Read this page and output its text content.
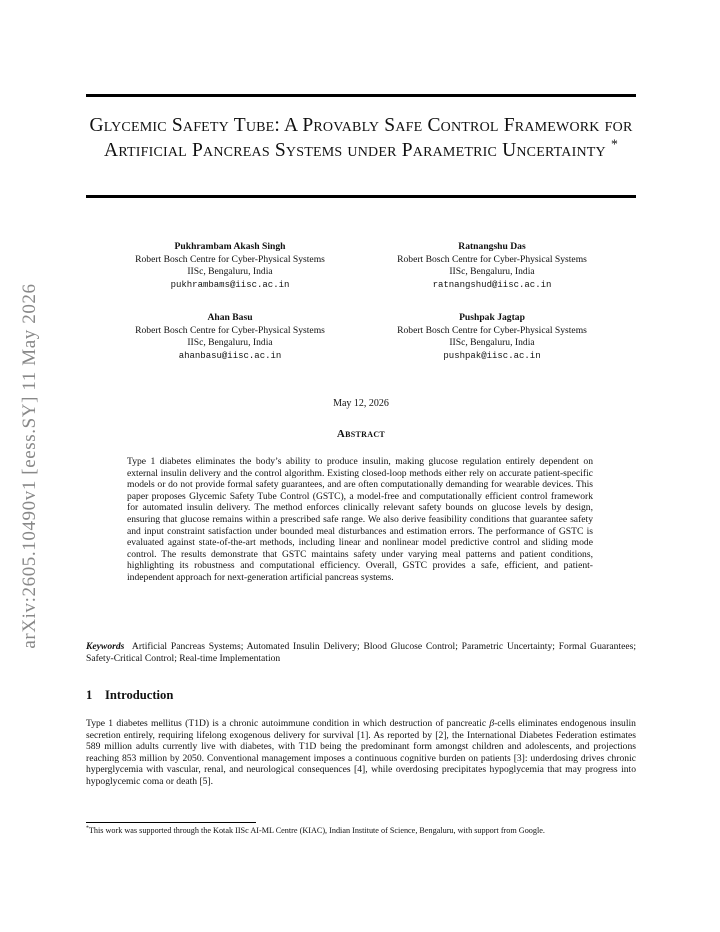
arXiv:2605.10490v1 [eess.SY] 11 May 2026
Glycemic Safety Tube: A Provably Safe Control Framework for Artificial Pancreas Systems under Parametric Uncertainty *
Pukhrambam Akash Singh
Robert Bosch Centre for Cyber-Physical Systems
IISc, Bengaluru, India
pukhrambams@iisc.ac.in
Ratnangshu Das
Robert Bosch Centre for Cyber-Physical Systems
IISc, Bengaluru, India
ratnangshud@iisc.ac.in
Ahan Basu
Robert Bosch Centre for Cyber-Physical Systems
IISc, Bengaluru, India
ahanbasu@iisc.ac.in
Pushpak Jagtap
Robert Bosch Centre for Cyber-Physical Systems
IISc, Bengaluru, India
pushpak@iisc.ac.in
May 12, 2026
Abstract
Type 1 diabetes eliminates the body’s ability to produce insulin, making glucose regulation entirely dependent on external insulin delivery and the control algorithm. Existing closed-loop methods either rely on accurate patient-specific models or do not provide formal safety guarantees, and are often computationally demanding for wearable devices. This paper proposes Glycemic Safety Tube Control (GSTC), a model-free and computationally efficient control framework for automated insulin delivery. The method enforces clinically relevant safety bounds on glucose levels by design, ensuring that glucose remains within a prescribed safe range. We also derive feasibility conditions that guarantee safety and input constraint satisfaction under bounded meal disturbances and estimation errors. The performance of GSTC is evaluated against state-of-the-art methods, including linear and nonlinear model predictive control and sliding mode control. The results demonstrate that GSTC maintains safety under varying meal patterns and patient conditions, highlighting its robustness and computational efficiency. Overall, GSTC provides a safe, efficient, and patient-independent approach for next-generation artificial pancreas systems.
Keywords Artificial Pancreas Systems; Automated Insulin Delivery; Blood Glucose Control; Parametric Uncertainty; Formal Guarantees; Safety-Critical Control; Real-time Implementation
1 Introduction
Type 1 diabetes mellitus (T1D) is a chronic autoimmune condition in which destruction of pancreatic β-cells eliminates endogenous insulin secretion entirely, requiring lifelong exogenous delivery for survival [1]. As reported by [2], the International Diabetes Federation estimates 589 million adults currently live with diabetes, with T1D being the predominant form amongst children and adolescents, and projections reaching 853 million by 2050. Conventional management imposes a continuous cognitive burden on patients [3]: underdosing drives chronic hyperglycemia with vascular, renal, and neurological consequences [4], while overdosing precipitates hypoglycemia that may progress into hypoglycemic coma or death [5].
*This work was supported through the Kotak IISc AI-ML Centre (KIAC), Indian Institute of Science, Bengaluru, with support from Google.
